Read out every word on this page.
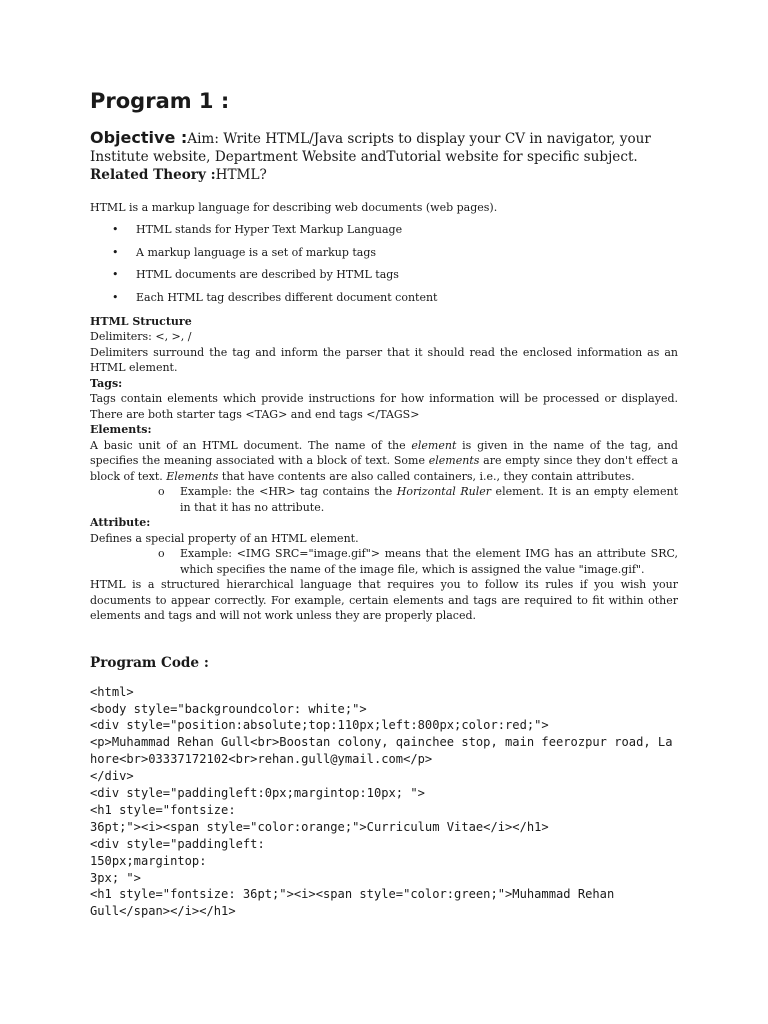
Program 1 :
Objective :Aim: Write HTML/Java scripts to display your CV in navigator, your Institute website, Department Website andTutorial website for specific subject.
Related Theory :HTML?

HTML is a markup language for describing web documents (web pages).

• HTML stands for Hyper Text Markup Language
• A markup language is a set of markup tags
• HTML documents are described by HTML tags
• Each HTML tag describes different document content
HTML Structure

Delimiters: <, >, /

Delimiters surround the tag and inform the parser that it should read the enclosed information as an HTML element.

Tags:

Tags contain elements which provide instructions for how information will be processed or displayed. There are both starter tags <TAG> and end tags </TAGS>

Elements:

A basic unit of an HTML document. The name of the element is given in the name of the tag, and specifies the meaning associated with a block of text. Some elements are empty since they don't effect a block of text. Elements that have contents are also called containers, i.e., they contain attributes.

o Example: the <HR> tag contains the Horizontal Ruler element. It is an empty element in that it has no attribute.
Attribute:

Defines a special property of an HTML element.

o Example: <IMG SRC="image.gif"> means that the element IMG has an attribute SRC, which specifies the name of the image file, which is assigned the value "image.gif".

HTML is a structured hierarchical language that requires you to follow its rules if you wish your documents to appear correctly. For example, certain elements and tags are required to fit within other elements and tags and will not work unless they are properly placed.

Program Code :
<html>
<body style="backgroundcolor: white;">
<div style="position:absolute;top:110px;left:800px;color:red;">
<p>Muhammad Rehan Gull<br>Boostan colony, qainchee stop, main feerozpur road, Lahore<br>03337172102<br>rehan.gull@ymail.com</p>
</div>
<div style="paddingleft:0px;margintop:10px; ">
<h1 style="fontsize:
36pt;"><i><span style="color:orange;">Curriculum Vitae</i></h1>
<div style="paddingleft:
150px;margintop:
3px; ">
<h1 style="fontsize: 36pt;"><i><span style="color:green;">Muhammad Rehan
Gull</span></i></h1>
